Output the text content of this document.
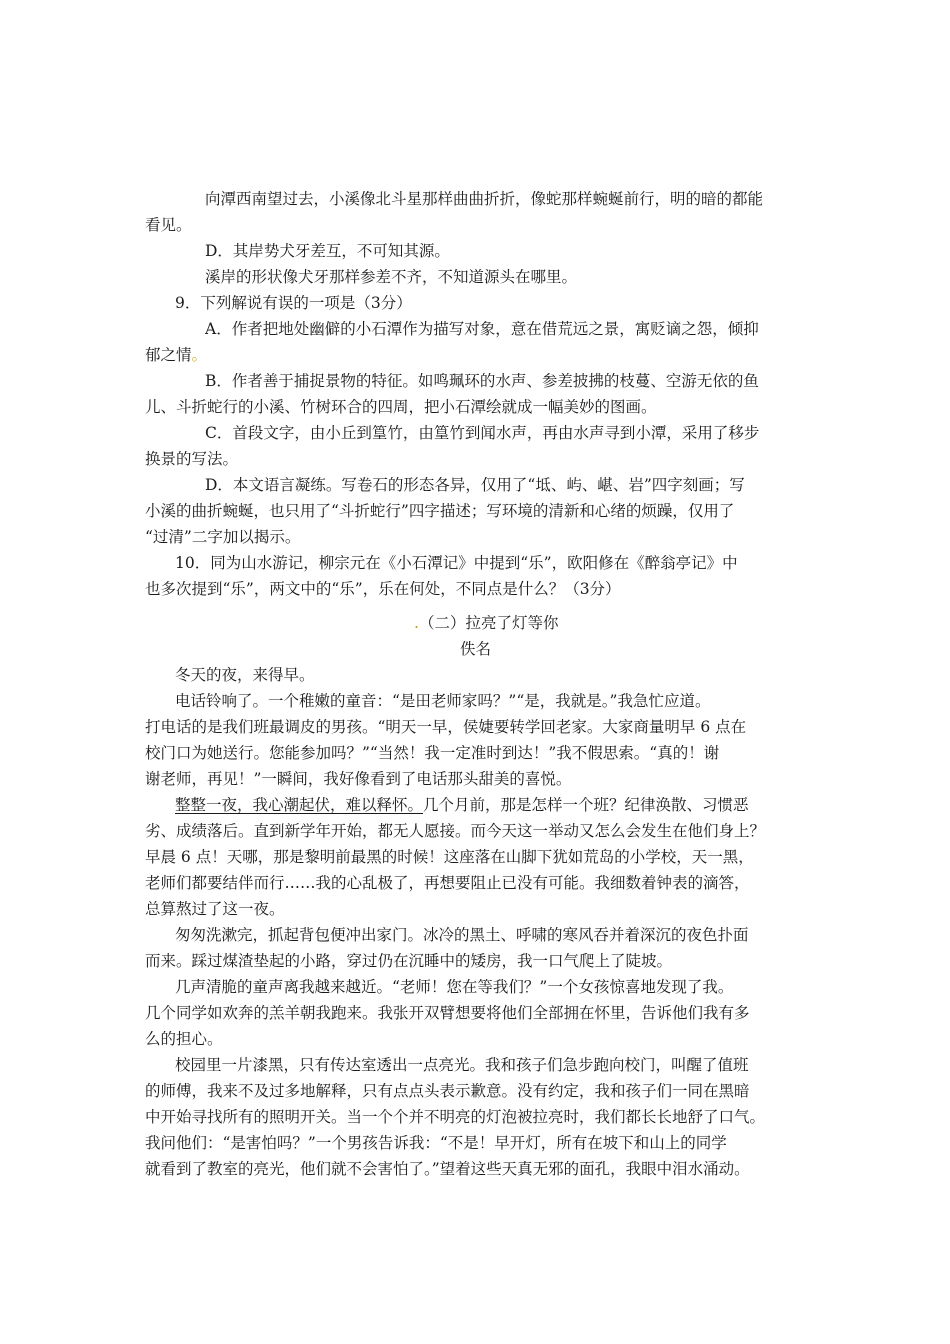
向潭西南望过去，小溪像北斗星那样曲曲折折，像蛇那样蜿蜒前行，明的暗的都能
看见。
D．其岸势犬牙差互，不可知其源。
溪岸的形状像犬牙那样参差不齐，不知道源头在哪里。
9．下列解说有误的一项是（3分）
A．作者把地处幽僻的小石潭作为描写对象，意在借荒远之景，寓贬谪之怨，倾抑
郁之情。
B．作者善于捕捉景物的特征。如鸣珮环的水声、参差披拂的枝蔓、空游无依的鱼
儿、斗折蛇行的小溪、竹树环合的四周，把小石潭绘就成一幅美妙的图画。
C．首段文字，由小丘到篁竹，由篁竹到闻水声，再由水声寻到小潭，采用了移步
换景的写法。
D．本文语言凝练。写卷石的形态各异，仅用了“坻、屿、嵁、岩”四字刻画；写
小溪的曲折蜿蜒，也只用了“斗折蛇行”四字描述；写环境的清新和心绪的烦躁，仅用了
“过清”二字加以揭示。
10．同为山水游记，柳宗元在《小石潭记》中提到“乐”，欧阳修在《醉翁亭记》中
也多次提到“乐”，两文中的“乐”，乐在何处，不同点是什么？（3分）
.（二）拉亮了灯等你
佚名
冬天的夜，来得早。
电话铃响了。一个稚嫩的童音：“是田老师家吗？”“是，我就是。”我急忙应道。
打电话的是我们班最调皮的男孩。“明天一早，侯婕要转学回老家。大家商量明早 6 点在
校门口为她送行。您能参加吗？”“当然！我一定准时到达！”我不假思索。“真的！谢
谢老师，再见！”一瞬间，我好像看到了电话那头甜美的喜悦。
整整一夜，我心潮起伏，难以释怀。几个月前，那是怎样一个班？纪律涣散、习惯恶
劣、成绩落后。直到新学年开始，都无人愿接。而今天这一举动又怎么会发生在他们身上？
早晨 6 点！天哪，那是黎明前最黑的时候！这座落在山脚下犹如荒岛的小学校，天一黑，
老师们都要结伴而行……我的心乱极了，再想要阻止已没有可能。我细数着钟表的滴答，
总算熬过了这一夜。
匆匆洗漱完，抓起背包便冲出家门。冰冷的黑土、呼啸的寒风吞并着深沉的夜色扑面
而来。踩过煤渣垫起的小路，穿过仍在沉睡中的矮房，我一口气爬上了陡坡。
几声清脆的童声离我越来越近。“老师！您在等我们？”一个女孩惊喜地发现了我。
几个同学如欢奔的羔羊朝我跑来。我张开双臂想要将他们全部拥在怀里，告诉他们我有多
么的担心。
校园里一片漆黑，只有传达室透出一点亮光。我和孩子们急步跑向校门，叫醒了值班
的师傅，我来不及过多地解释，只有点点头表示歉意。没有约定，我和孩子们一同在黑暗
中开始寻找所有的照明开关。当一个个并不明亮的灯泡被拉亮时，我们都长长地舒了口气。
我问他们：“是害怕吗？”一个男孩告诉我：“不是！早开灯，所有在坡下和山上的同学
就看到了教室的亮光，他们就不会害怕了。”望着这些天真无邪的面孔，我眼中泪水涌动。
